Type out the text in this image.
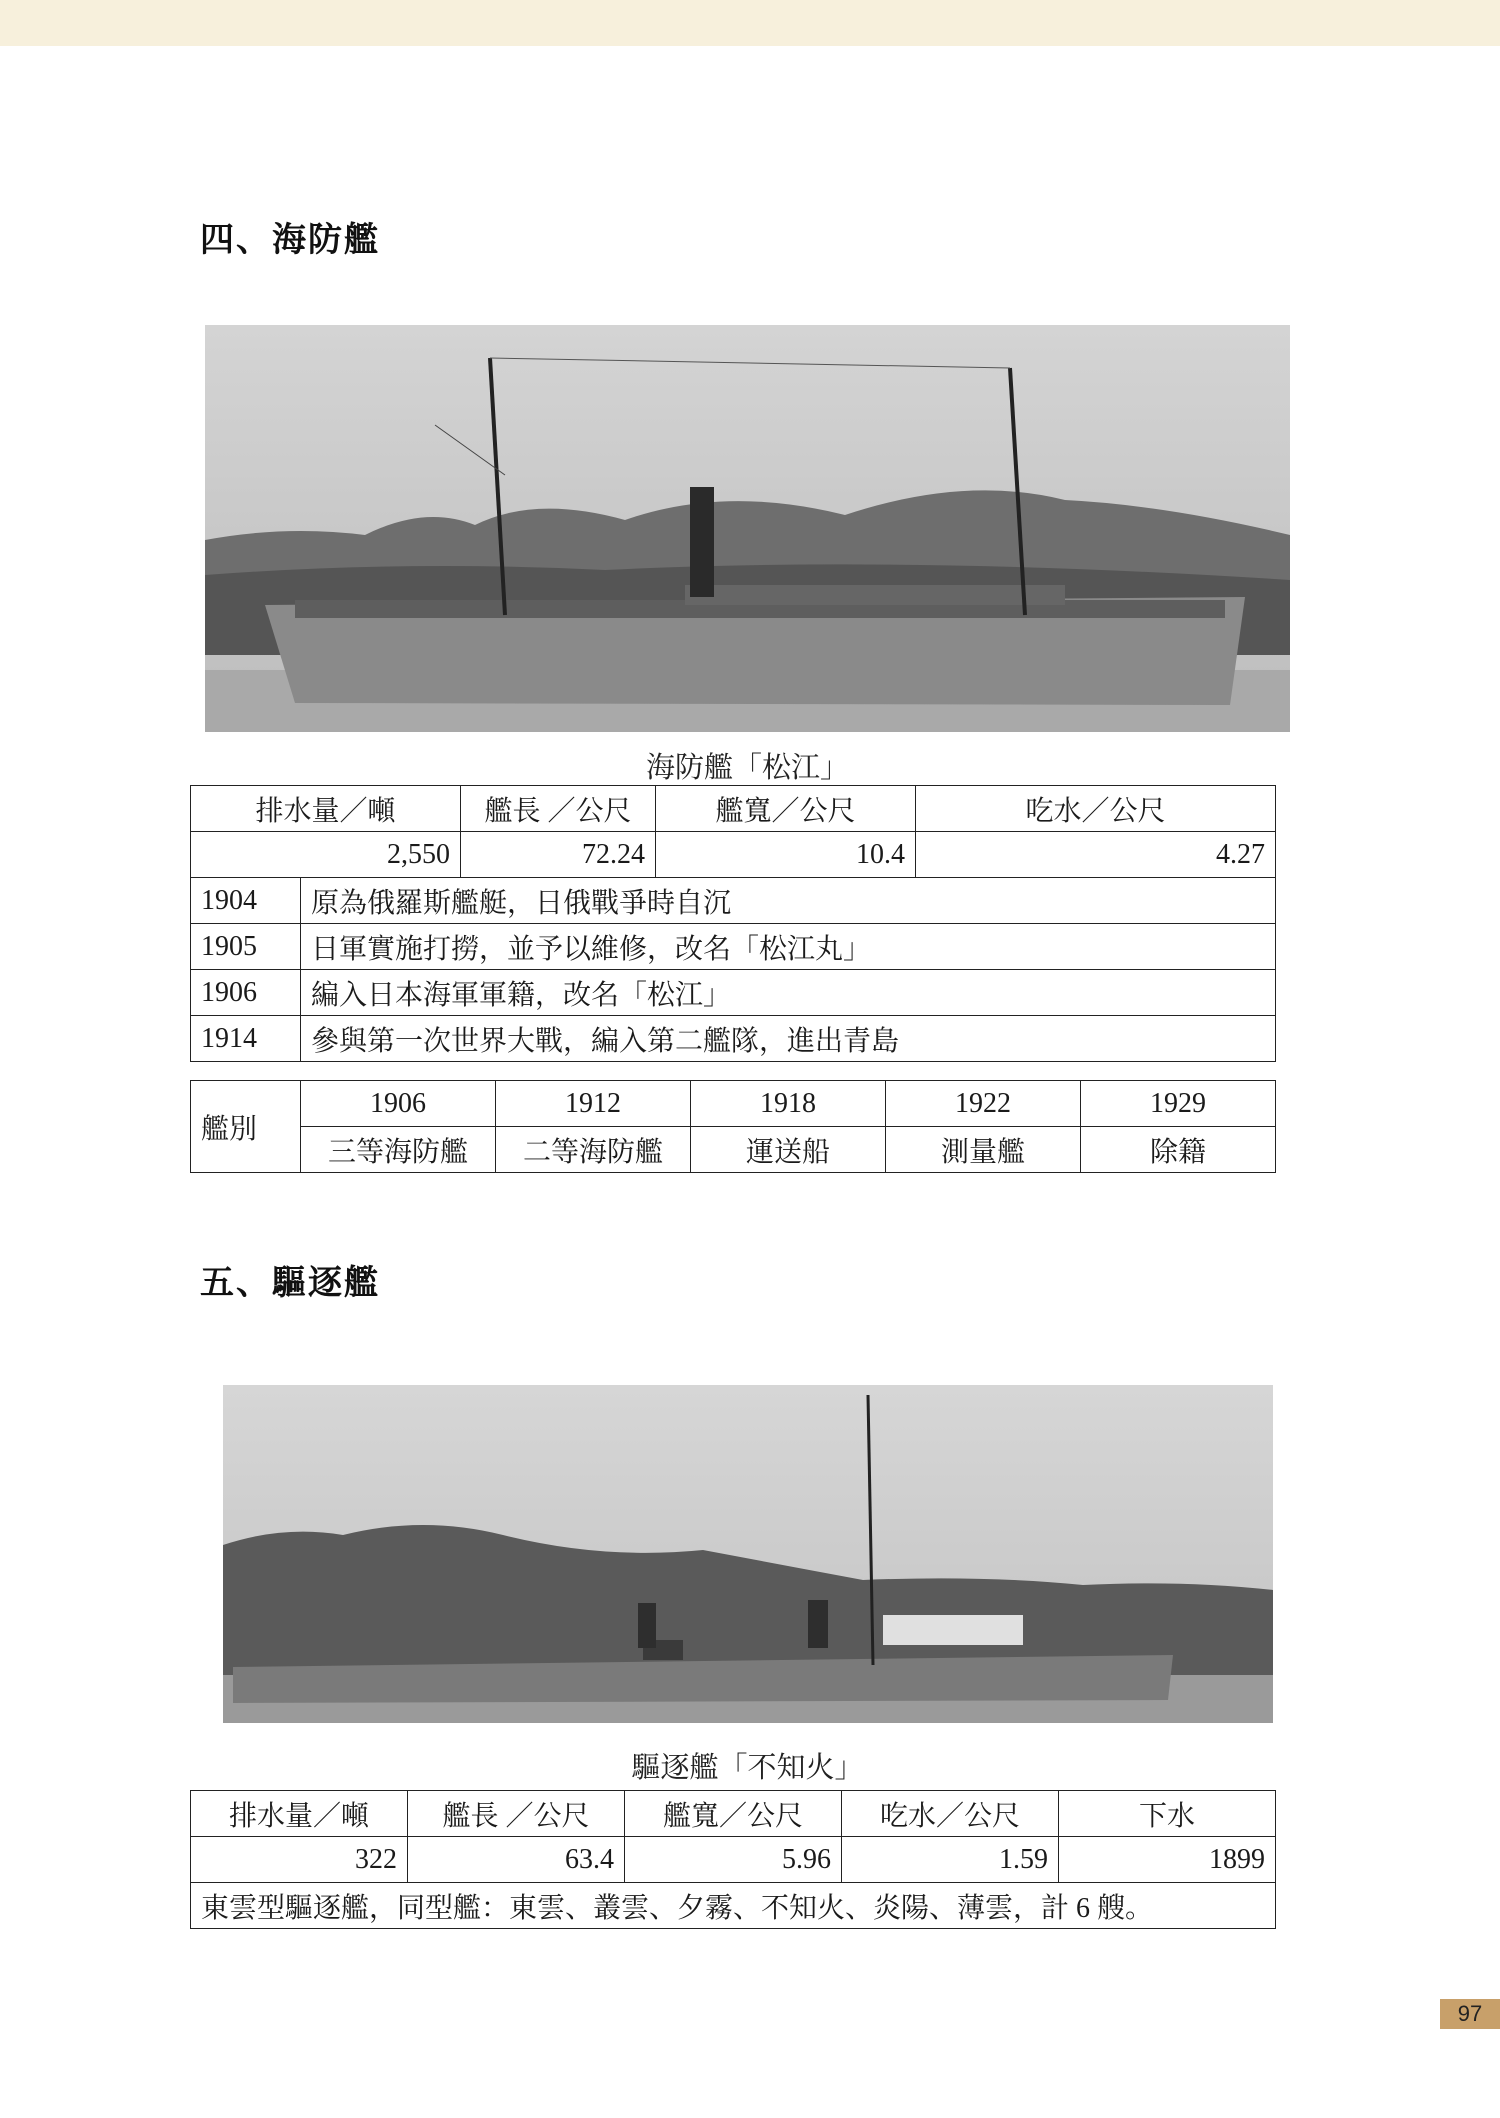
四、海防艦
海防艦「松江」
排水量／噸		艦長 ／公尺	艦寬／公尺	吃水／公尺
2,550		72.24	10.4	4.27
1904	原為俄羅斯艦艇，日俄戰爭時自沉			
1905	日軍實施打撈，並予以維修，改名「松江丸」			
1906	編入日本海軍軍籍，改名「松江」			
1914	參與第一次世界大戰，編入第二艦隊，進出青島			
艦別	1906	1912	1918	1922	1929
	三等海防艦	二等海防艦	運送船	測量艦	除籍
五、驅逐艦
驅逐艦「不知火」
排水量／噸	艦長 ／公尺	艦寬／公尺	吃水／公尺	下水
322	63.4	5.96	1.59	1899
東雲型驅逐艦，同型艦：東雲、叢雲、夕霧、不知火、炎陽、薄雲，計 6 艘。				
97
